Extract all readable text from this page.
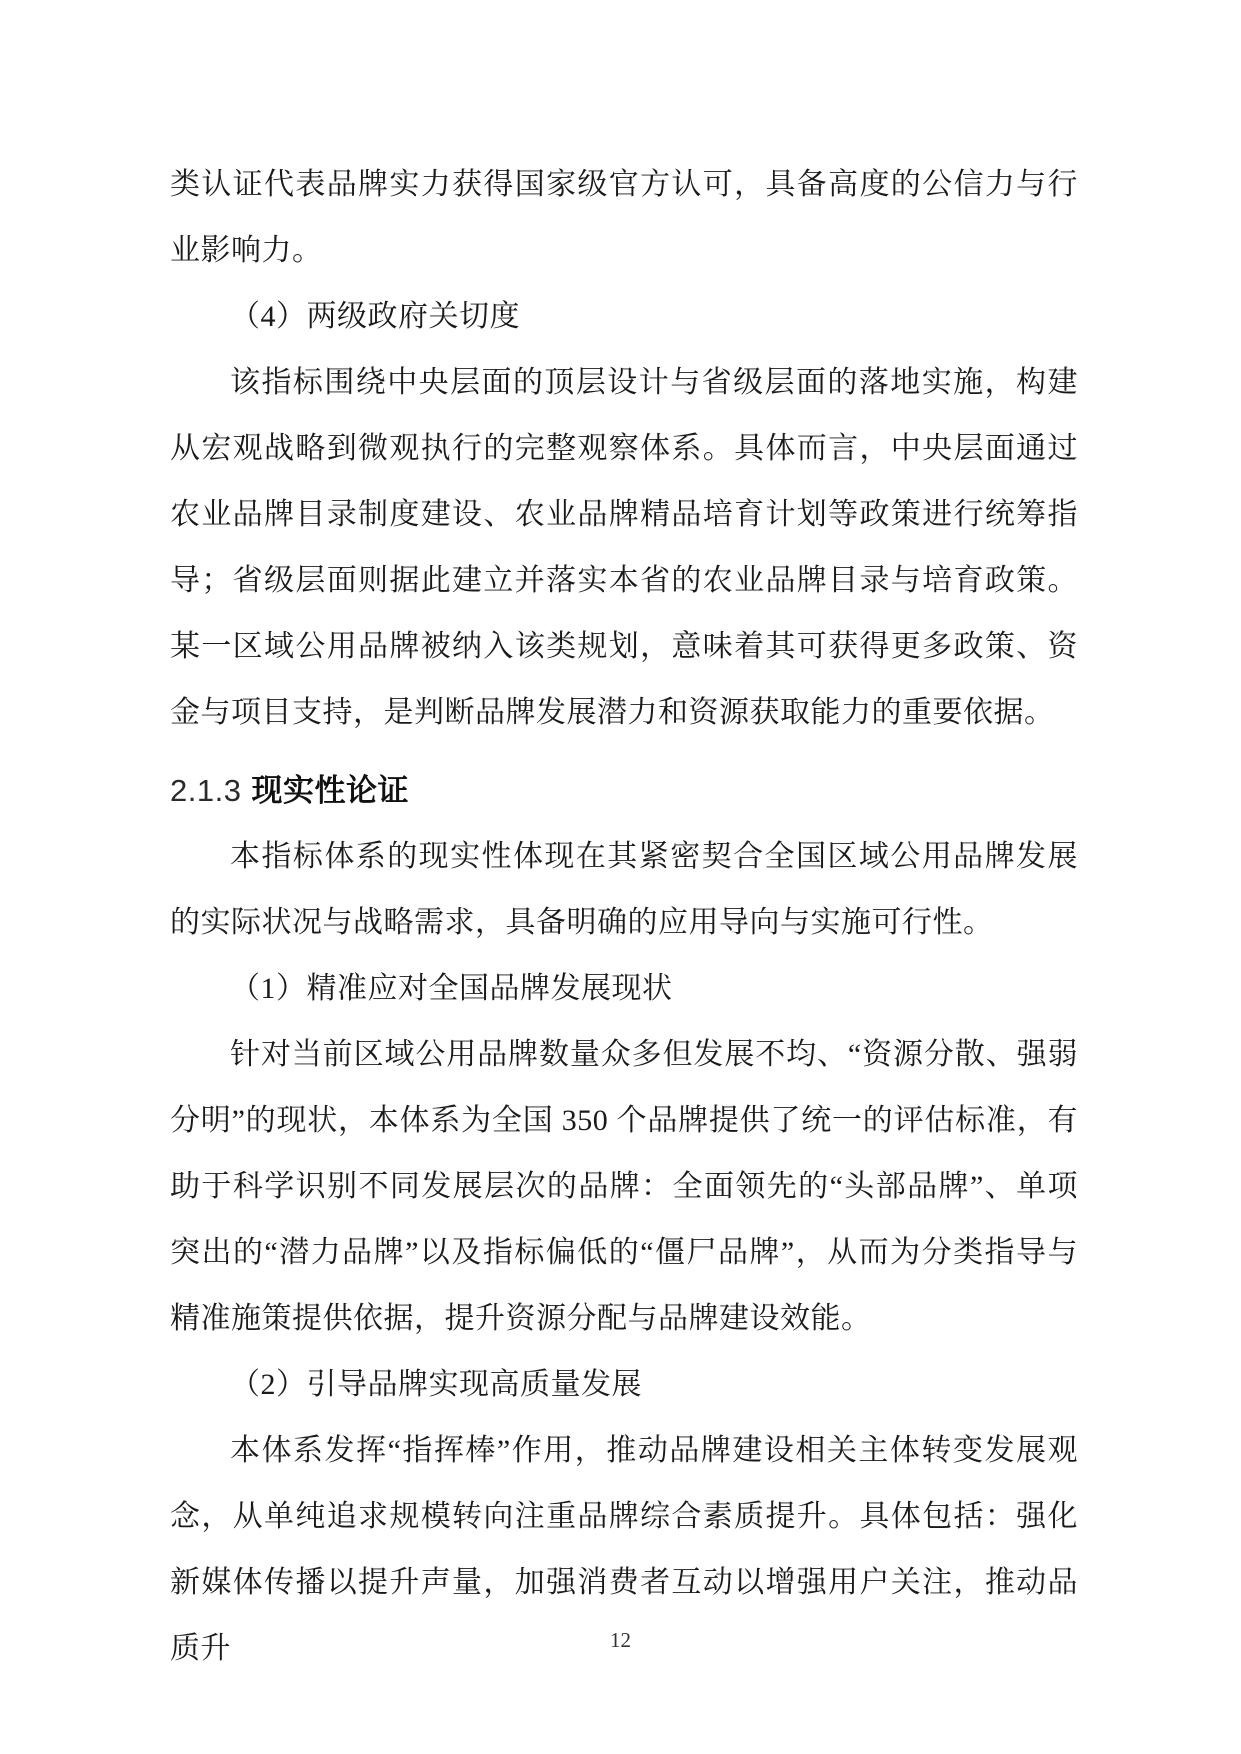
类认证代表品牌实力获得国家级官方认可，具备高度的公信力与行业影响力。

（4）两级政府关切度

该指标围绕中央层面的顶层设计与省级层面的落地实施，构建从宏观战略到微观执行的完整观察体系。具体而言，中央层面通过农业品牌目录制度建设、农业品牌精品培育计划等政策进行统筹指导；省级层面则据此建立并落实本省的农业品牌目录与培育政策。某一区域公用品牌被纳入该类规划，意味着其可获得更多政策、资金与项目支持，是判断品牌发展潜力和资源获取能力的重要依据。

2.1.3 现实性论证

本指标体系的现实性体现在其紧密契合全国区域公用品牌发展的实际状况与战略需求，具备明确的应用导向与实施可行性。

（1）精准应对全国品牌发展现状

针对当前区域公用品牌数量众多但发展不均、“资源分散、强弱分明”的现状，本体系为全国 350 个品牌提供了统一的评估标准，有助于科学识别不同发展层次的品牌：全面领先的“头部品牌”、单项突出的“潜力品牌”以及指标偏低的“僵尸品牌”，从而为分类指导与精准施策提供依据，提升资源分配与品牌建设效能。

（2）引导品牌实现高质量发展

本体系发挥“指挥棒”作用，推动品牌建设相关主体转变发展观念，从单纯追求规模转向注重品牌综合素质提升。具体包括：强化新媒体传播以提升声量，加强消费者互动以增强用户关注，推动品质升	12
